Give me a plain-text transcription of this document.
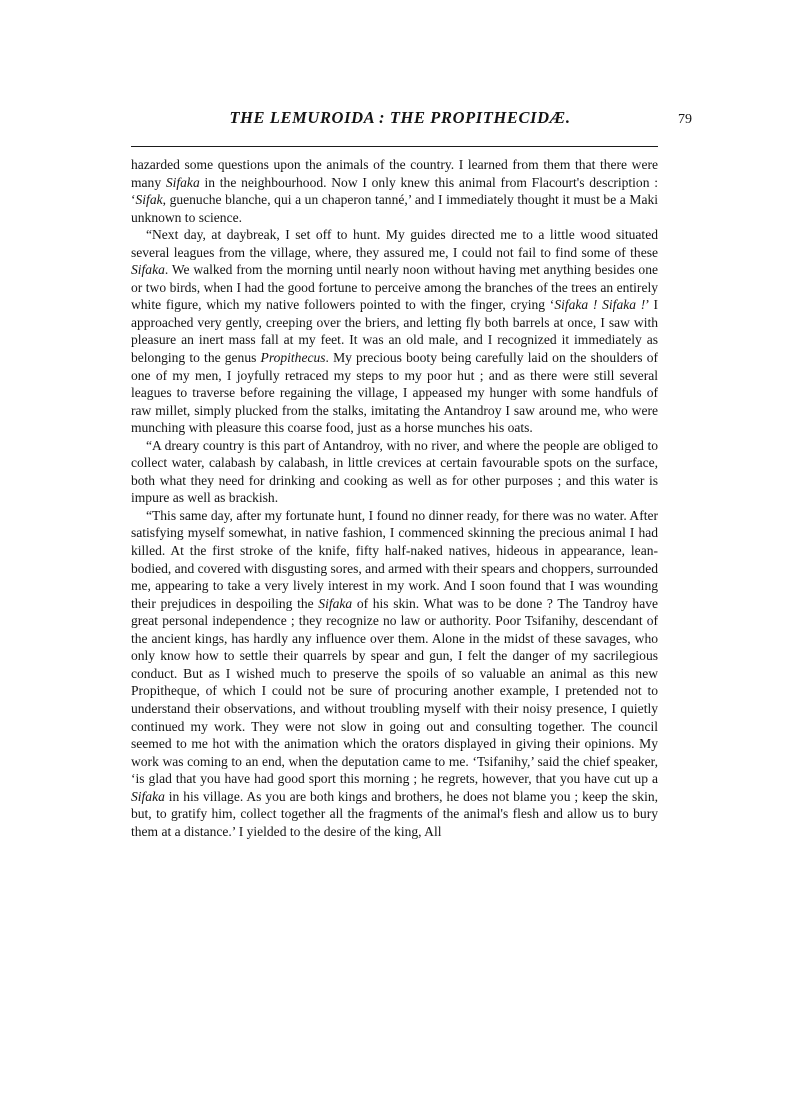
THE LEMUROIDA : THE PROPITHECIDÆ.	79

hazarded some questions upon the animals of the country. I learned from them that there were many Sifaka in the neighbourhood. Now I only knew this animal from Flacourt's description : ‘Sifak, guenuche blanche, qui a un chaperon tanné,’ and I immediately thought it must be a Maki unknown to science.

“Next day, at daybreak, I set off to hunt. My guides directed me to a little wood situated several leagues from the village, where, they assured me, I could not fail to find some of these Sifaka. We walked from the morning until nearly noon without having met anything besides one or two birds, when I had the good fortune to perceive among the branches of the trees an entirely white figure, which my native followers pointed to with the finger, crying ‘Sifaka ! Sifaka !’ I approached very gently, creeping over the briers, and letting fly both barrels at once, I saw with pleasure an inert mass fall at my feet. It was an old male, and I recognized it immediately as belonging to the genus Propithecus. My precious booty being carefully laid on the shoulders of one of my men, I joyfully retraced my steps to my poor hut ; and as there were still several leagues to traverse before regaining the village, I appeased my hunger with some handfuls of raw millet, simply plucked from the stalks, imitating the Antandroy I saw around me, who were munching with pleasure this coarse food, just as a horse munches his oats.

“A dreary country is this part of Antandroy, with no river, and where the people are obliged to collect water, calabash by calabash, in little crevices at certain favourable spots on the surface, both what they need for drinking and cooking as well as for other purposes ; and this water is impure as well as brackish.

“This same day, after my fortunate hunt, I found no dinner ready, for there was no water. After satisfying myself somewhat, in native fashion, I commenced skinning the precious animal I had killed. At the first stroke of the knife, fifty half-naked natives, hideous in appearance, lean-bodied, and covered with disgusting sores, and armed with their spears and choppers, surrounded me, appearing to take a very lively interest in my work. And I soon found that I was wounding their prejudices in despoiling the Sifaka of his skin. What was to be done ? The Tandroy have great personal independence ; they recognize no law or authority. Poor Tsifanihy, descendant of the ancient kings, has hardly any influence over them. Alone in the midst of these savages, who only know how to settle their quarrels by spear and gun, I felt the danger of my sacrilegious conduct. But as I wished much to preserve the spoils of so valuable an animal as this new Propitheque, of which I could not be sure of procuring another example, I pretended not to understand their observations, and without troubling myself with their noisy presence, I quietly continued my work. They were not slow in going out and consulting together. The council seemed to me hot with the animation which the orators displayed in giving their opinions. My work was coming to an end, when the deputation came to me. ‘Tsifanihy,’ said the chief speaker, ‘is glad that you have had good sport this morning ; he regrets, however, that you have cut up a Sifaka in his village. As you are both kings and brothers, he does not blame you ; keep the skin, but, to gratify him, collect together all the fragments of the animal's flesh and allow us to bury them at a distance.’ I yielded to the desire of the king, All
